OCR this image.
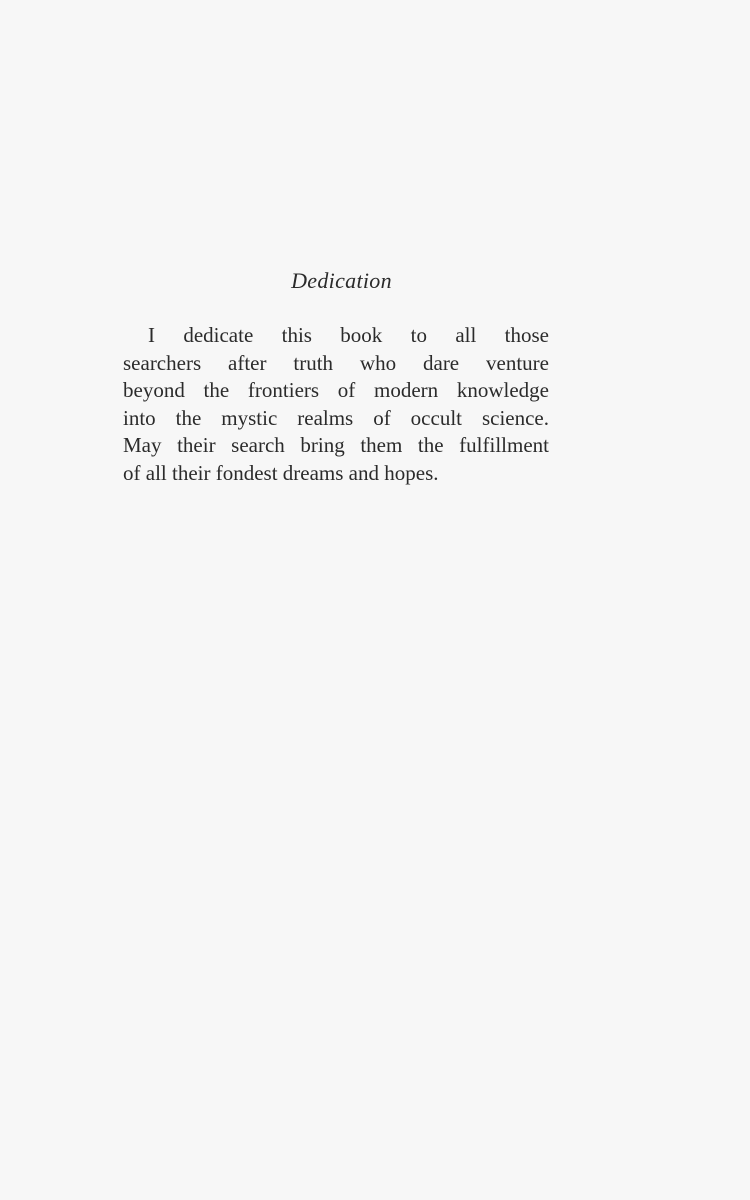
Dedication
I dedicate this book to all those
searchers after truth who dare venture
beyond the frontiers of modern knowledge
into the mystic realms of occult science.
May their search bring them the fulfillment
of all their fondest dreams and hopes.
